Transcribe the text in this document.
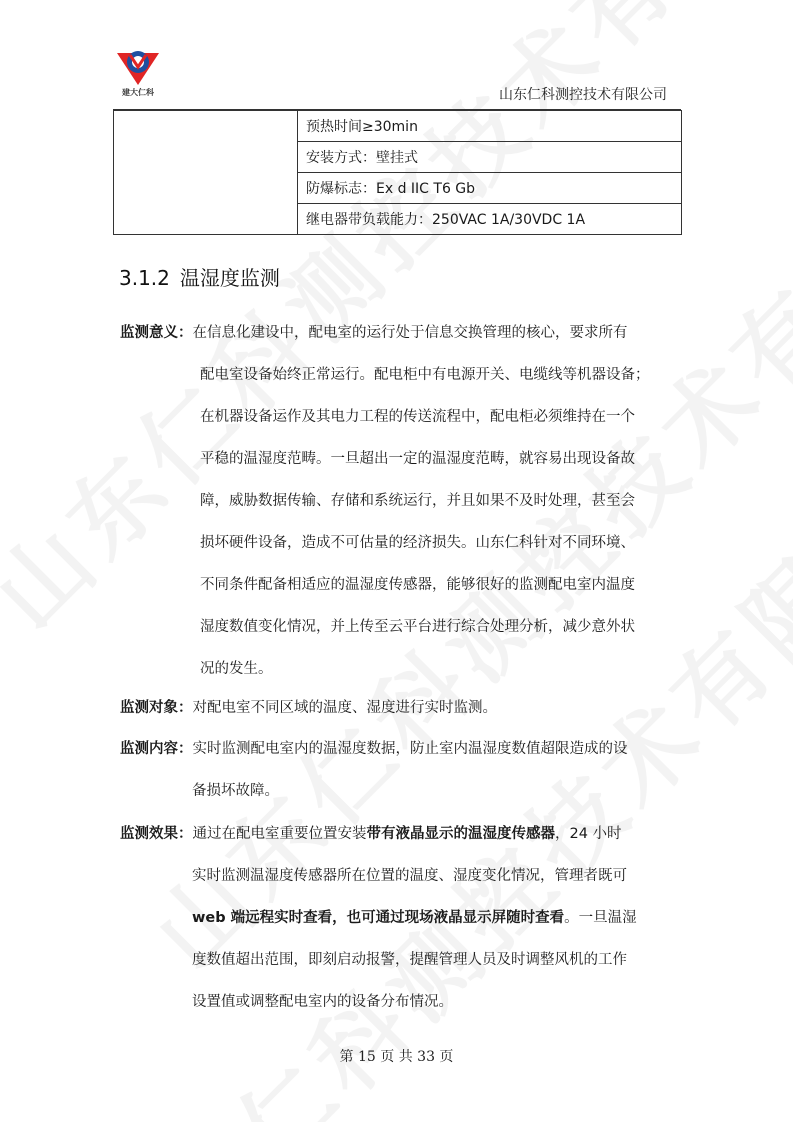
建大仁科	山东仁科测控技术有限公司
	预热时间≥30min
安装方式：壁挂式
防爆标志：Ex d IIC T6 Gb
继电器带负载能力：250VAC 1A/30VDC 1A
3.1.2 温湿度监测
监测意义：在信息化建设中，配电室的运行处于信息交换管理的核心，要求所有
配电室设备始终正常运行。配电柜中有电源开关、电缆线等机器设备；
在机器设备运作及其电力工程的传送流程中，配电柜必须维持在一个
平稳的温湿度范畴。一旦超出一定的温湿度范畴，就容易出现设备故
障，威胁数据传输、存储和系统运行，并且如果不及时处理，甚至会
损坏硬件设备，造成不可估量的经济损失。山东仁科针对不同环境、
不同条件配备相适应的温湿度传感器，能够很好的监测配电室内温度
湿度数值变化情况，并上传至云平台进行综合处理分析，减少意外状
况的发生。
监测对象：对配电室不同区域的温度、湿度进行实时监测。
监测内容：实时监测配电室内的温湿度数据，防止室内温湿度数值超限造成的设
备损坏故障。
监测效果：通过在配电室重要位置安装带有液晶显示的温湿度传感器，24 小时
实时监测温湿度传感器所在位置的温度、湿度变化情况，管理者既可
web 端远程实时查看，也可通过现场液晶显示屏随时查看。一旦温湿
度数值超出范围，即刻启动报警，提醒管理人员及时调整风机的工作
设置值或调整配电室内的设备分布情况。
第 15 页 共 33 页
